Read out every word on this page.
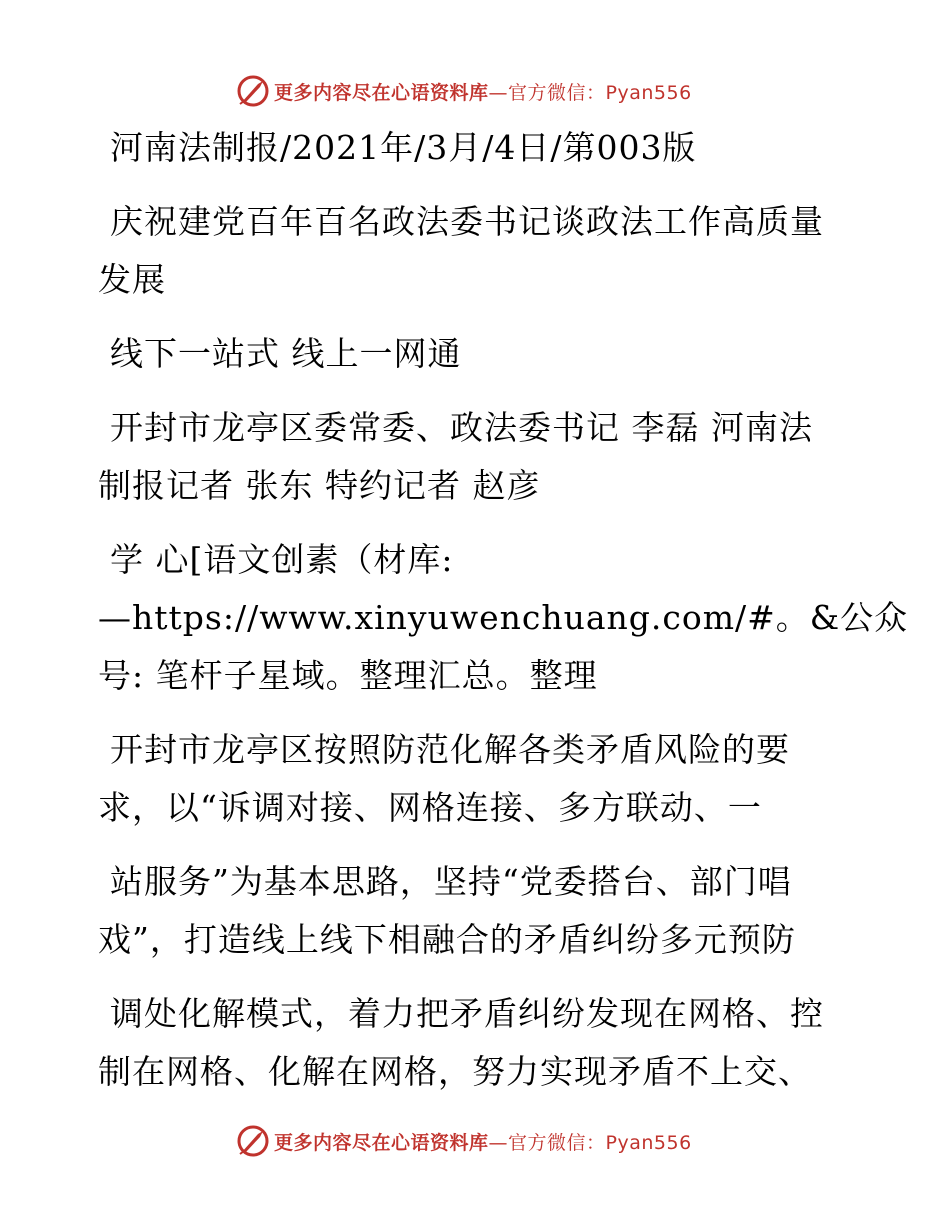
更多内容尽在心语资料库—官方微信：Pyan556
河南法制报/2021年/3月/4日/第003版
庆祝建党百年百名政法委书记谈政法工作高质量
发展
线下一站式 线上一网通
开封市龙亭区委常委、政法委书记 李磊 河南法
制报记者 张东 特约记者 赵彦
学 心[语文创素（材库:
—https://www.xinyuwenchuang.com/#。&公众
号: 笔杆子星域。整理汇总。整理
开封市龙亭区按照防范化解各类矛盾风险的要
求，以“诉调对接、网格连接、多方联动、一
站服务”为基本思路，坚持“党委搭台、部门唱
戏”，打造线上线下相融合的矛盾纠纷多元预防
调处化解模式，着力把矛盾纠纷发现在网格、控
制在网格、化解在网格，努力实现矛盾不上交、
更多内容尽在心语资料库—官方微信：Pyan556
